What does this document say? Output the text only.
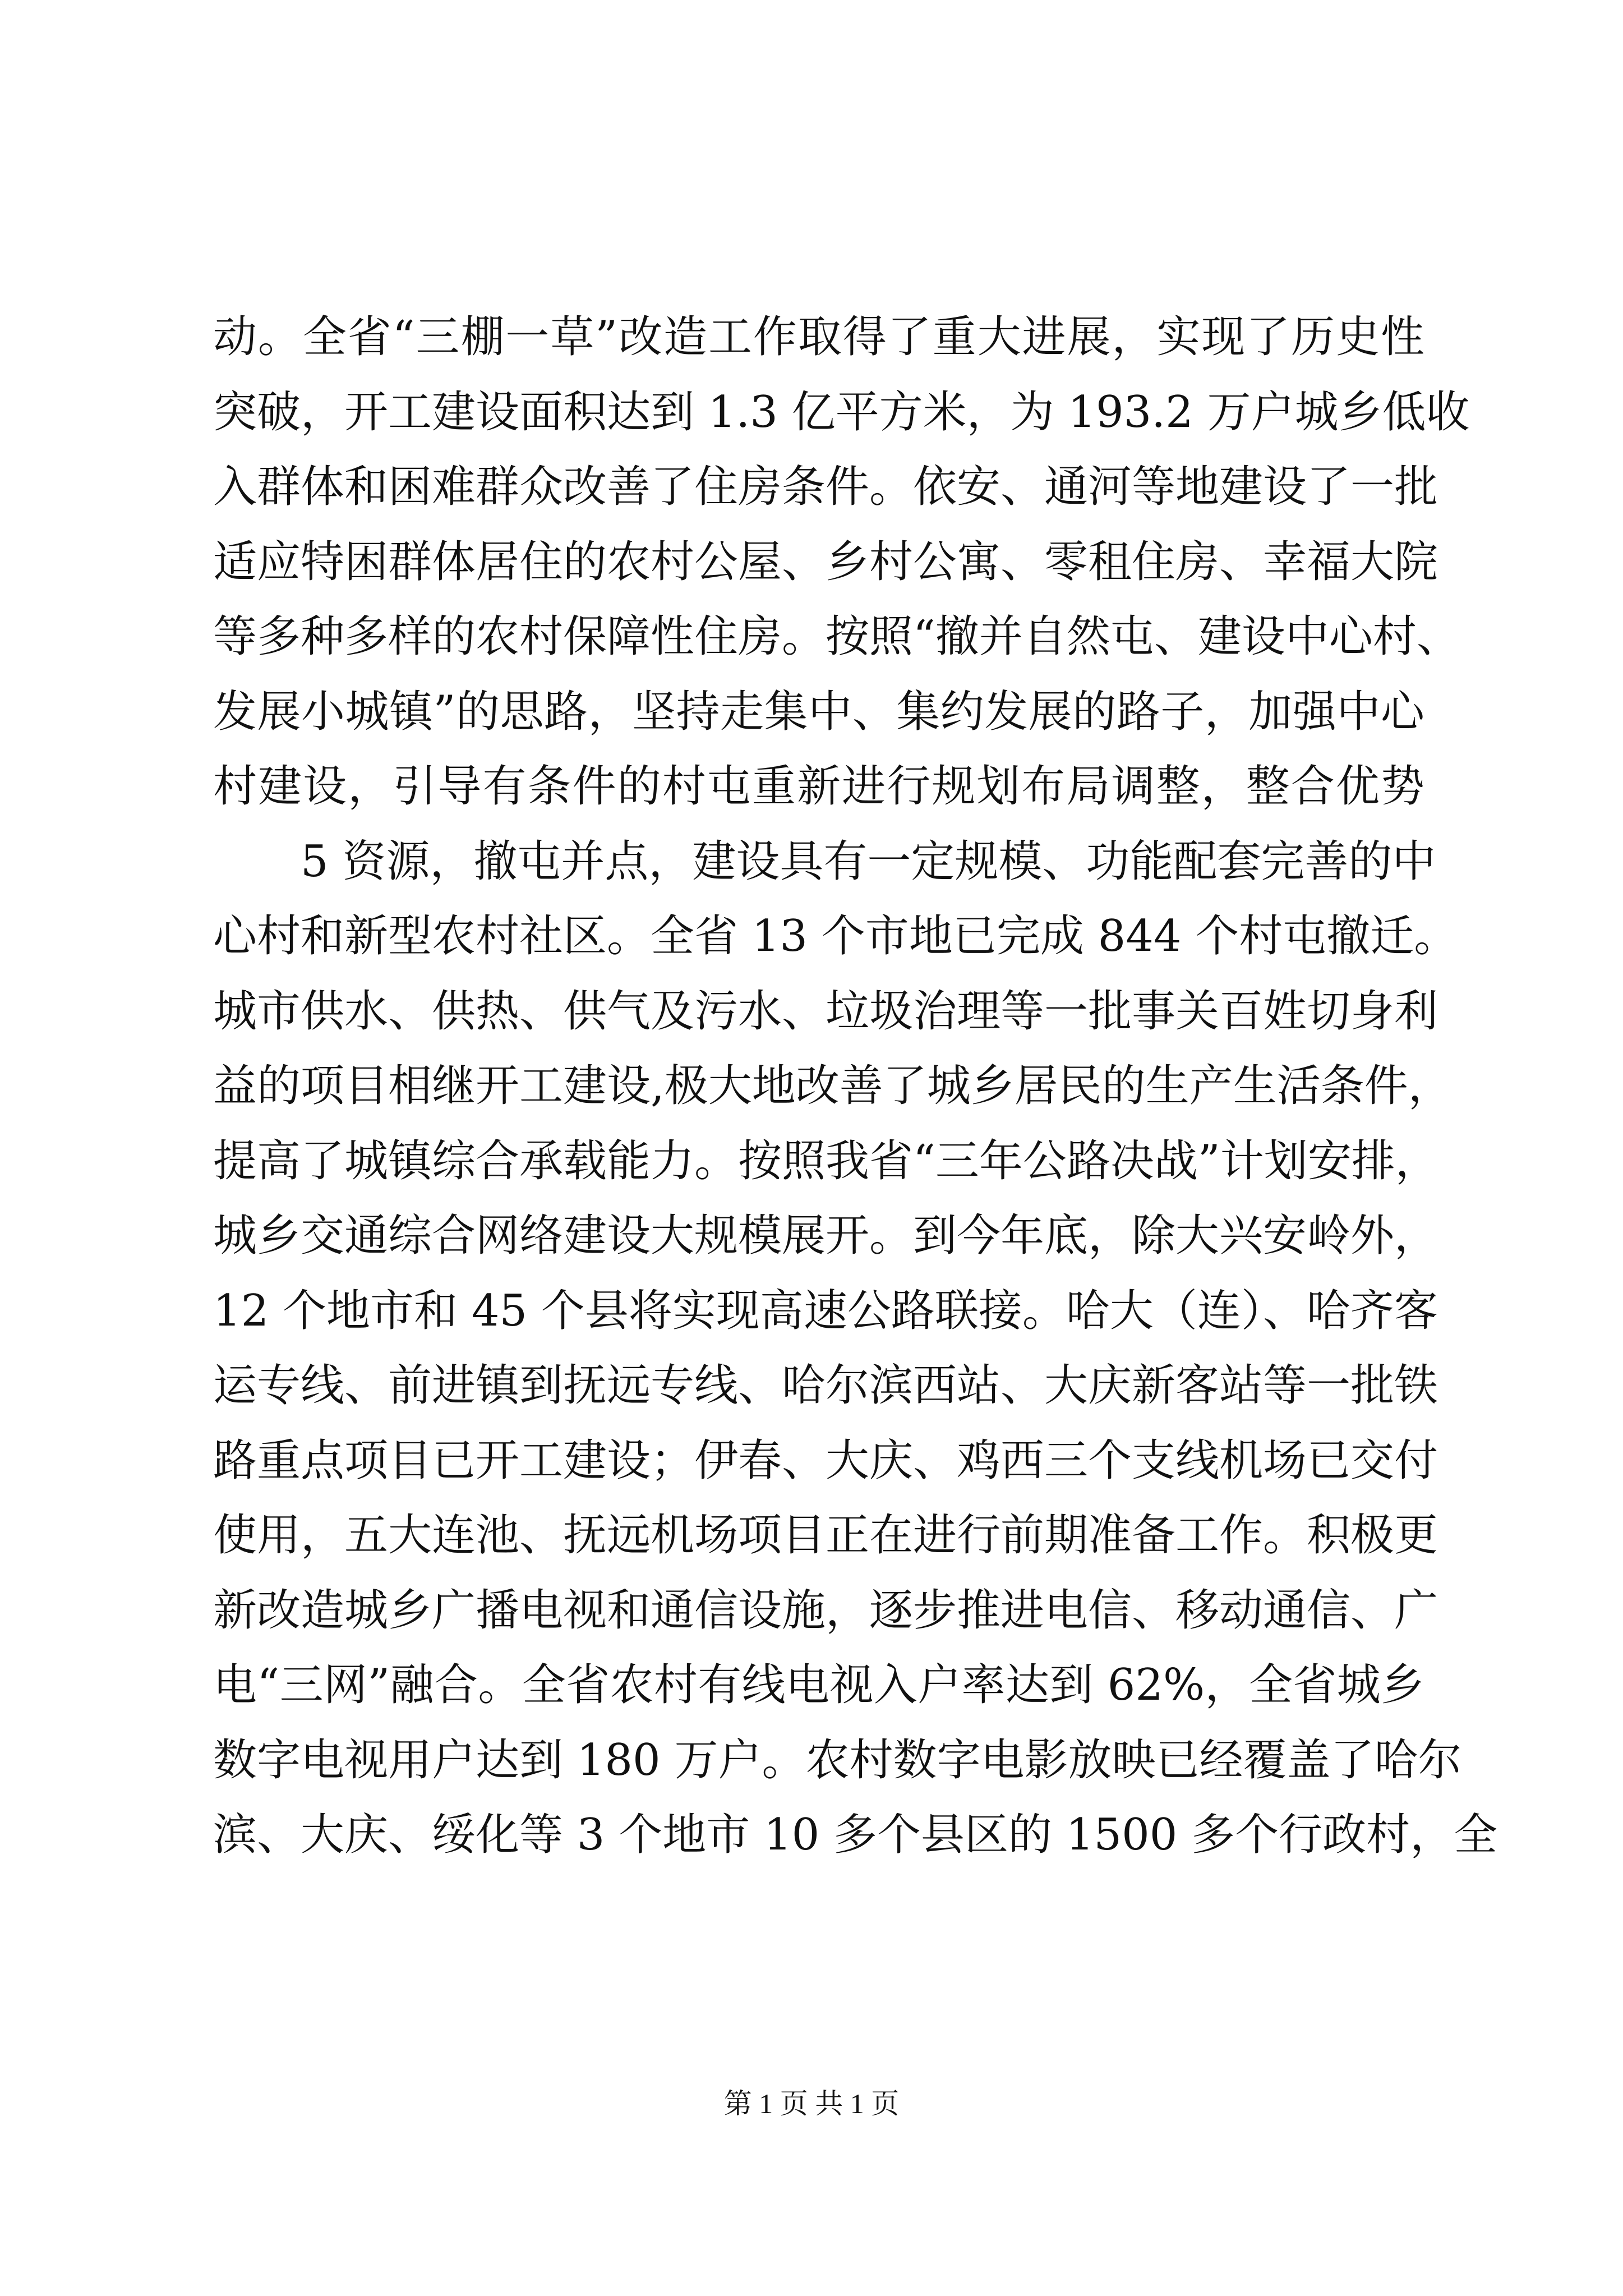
动。全省“三棚一草”改造工作取得了重大进展，实现了历史性
突破，开工建设面积达到 1.3 亿平方米，为 193.2 万户城乡低收
入群体和困难群众改善了住房条件。依安、通河等地建设了一批
适应特困群体居住的农村公屋、乡村公寓、零租住房、幸福大院
等多种多样的农村保障性住房。按照“撤并自然屯、建设中心村、
发展小城镇”的思路，坚持走集中、集约发展的路子，加强中心
村建设，引导有条件的村屯重新进行规划布局调整，整合优势
5 资源，撤屯并点，建设具有一定规模、功能配套完善的中
心村和新型农村社区。全省 13 个市地已完成 844 个村屯撤迁。
城市供水、供热、供气及污水、垃圾治理等一批事关百姓切身利
益的项目相继开工建设,极大地改善了城乡居民的生产生活条件，
提高了城镇综合承载能力。按照我省“三年公路决战”计划安排，
城乡交通综合网络建设大规模展开。到今年底，除大兴安岭外，
12 个地市和 45 个县将实现高速公路联接。哈大（连）、哈齐客
运专线、前进镇到抚远专线、哈尔滨西站、大庆新客站等一批铁
路重点项目已开工建设；伊春、大庆、鸡西三个支线机场已交付
使用，五大连池、抚远机场项目正在进行前期准备工作。积极更
新改造城乡广播电视和通信设施，逐步推进电信、移动通信、广
电“三网”融合。全省农村有线电视入户率达到 62%，全省城乡
数字电视用户达到 180 万户。农村数字电影放映已经覆盖了哈尔
滨、大庆、绥化等 3 个地市 10 多个县区的 1500 多个行政村，全
第 1 页 共 1 页
